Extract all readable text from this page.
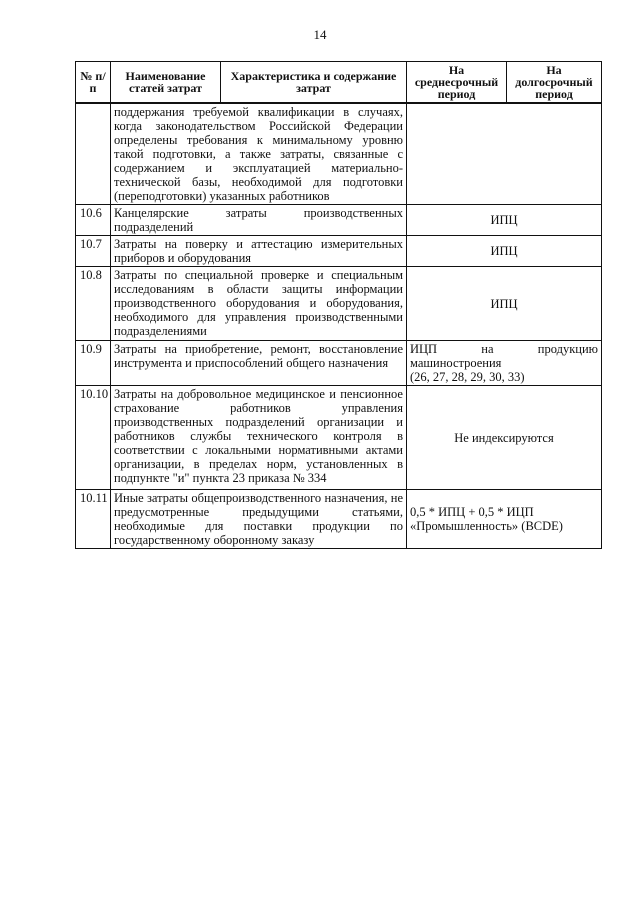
14
№ п/п	Наименование статей затрат	Характеристика и содержание затрат	На среднесрочный период	На долгосрочный период
	поддержания требуемой квалификации в случаях, когда законодательством Российской Федерации определены требования к минимальному уровню такой подготовки, а также затраты, связанные с содержанием и эксплуатацией материально-технической базы, необходимой для подготовки (переподготовки) указанных работников			
10.6	Канцелярские затраты производственных подразделений		ИПЦ	
10.7	Затраты на поверку и аттестацию измерительных приборов и оборудования		ИПЦ	
10.8	Затраты по специальной проверке и специальным исследованиям в области защиты информации производственного оборудования и оборудования, необходимого для управления производственными подразделениями		ИПЦ	
10.9	Затраты на приобретение, ремонт, восстановление инструмента и приспособлений общего назначения		ИЦП на продукцию
машиностроения
(26, 27, 28, 29, 30, 33)	

10.10	Затраты на добровольное медицинское и пенсионное страхование работников управления производственных подразделений организации и работников службы технического контроля в соответствии с локальными нормативными актами организации, в пределах норм, установленных в подпункте "и" пункта 23 приказа № 334		Не индексируются	
10.11	Иные затраты общепроизводственного назначения, не предусмотренные предыдущими статьями, необходимые для поставки продукции по государственному оборонному заказу		0,5 * ИПЦ + 0,5 * ИЦП «Промышленность» (BCDE)	
